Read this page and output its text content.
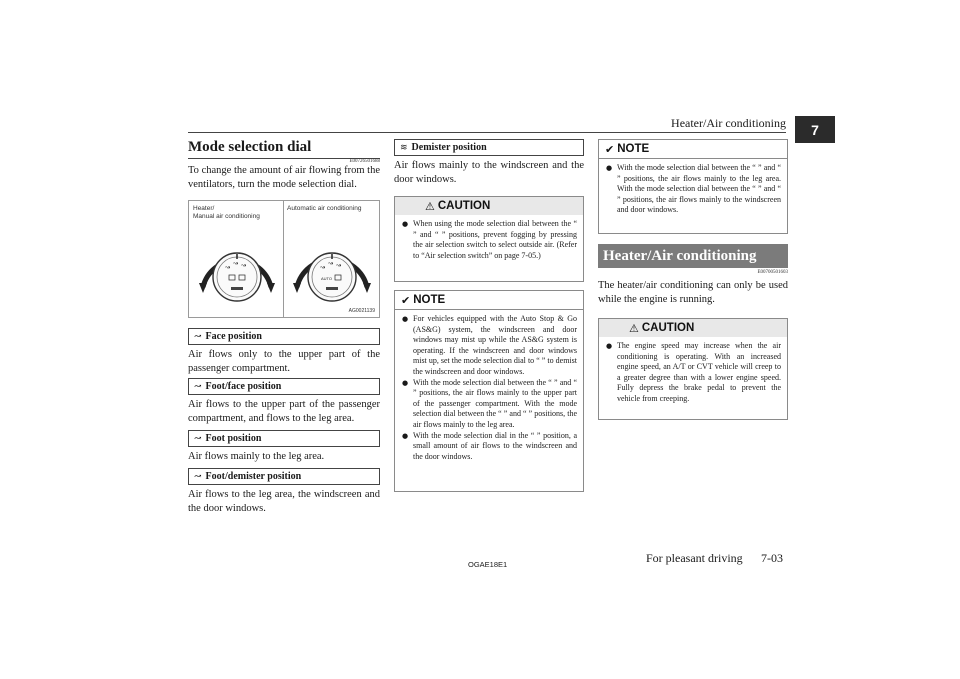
Heater/Air conditioning	7
Mode selection dial
E00726501688

To change the amount of air flowing from the ventilators, turn the mode selection dial.

Heater/
Manual air conditioning
Automatic air conditioning
↝
↝ ↝	↝
↝ ↝
AUTO
AG0021139
↝ Face position

Air flows only to the upper part of the passenger compartment.

↝ Foot/face position

Air flows to the upper part of the passenger compartment, and flows to the leg area.

↝ Foot position

Air flows mainly to the leg area.

↝ Foot/demister position

Air flows to the leg area, the windscreen and the door windows.

≋ Demister position

Air flows mainly to the windscreen and the door windows.

⚠ CAUTION
● When using the mode selection dial between the “ ” and “ ” positions, prevent fogging by pressing the air selection switch to select outside air. (Refer to “Air selection switch” on page 7-05.)
✔ NOTE
● For vehicles equipped with the Auto Stop & Go (AS&G) system, the windscreen and door windows may mist up while the AS&G system is operating. If the windscreen and door windows mist up, set the mode selection dial to “ ” to demist the windscreen and door windows.
● With the mode selection dial between the “ ” and “ ” positions, the air flows mainly to the upper part of the passenger compartment. With the mode selection dial between the “ ” and “ ” positions, the air flows mainly to the leg area.
● With the mode selection dial in the “ ” position, a small amount of air flows to the windscreen and the door windows.
✔ NOTE
● With the mode selection dial between the “ ” and “ ” positions, the air flows mainly to the leg area. With the mode selection dial between the “ ” and “ ” positions, the air flows mainly to the windscreen and door windows.
Heater/Air conditioning
E00700501603

The heater/air conditioning can only be used while the engine is running.

⚠ CAUTION
● The engine speed may increase when the air conditioning is operating. With an increased engine speed, an A/T or CVT vehicle will creep to a greater degree than with a lower engine speed. Fully depress the brake pedal to prevent the vehicle from creeping.
OGAE18E1	For pleasant driving 7-03
